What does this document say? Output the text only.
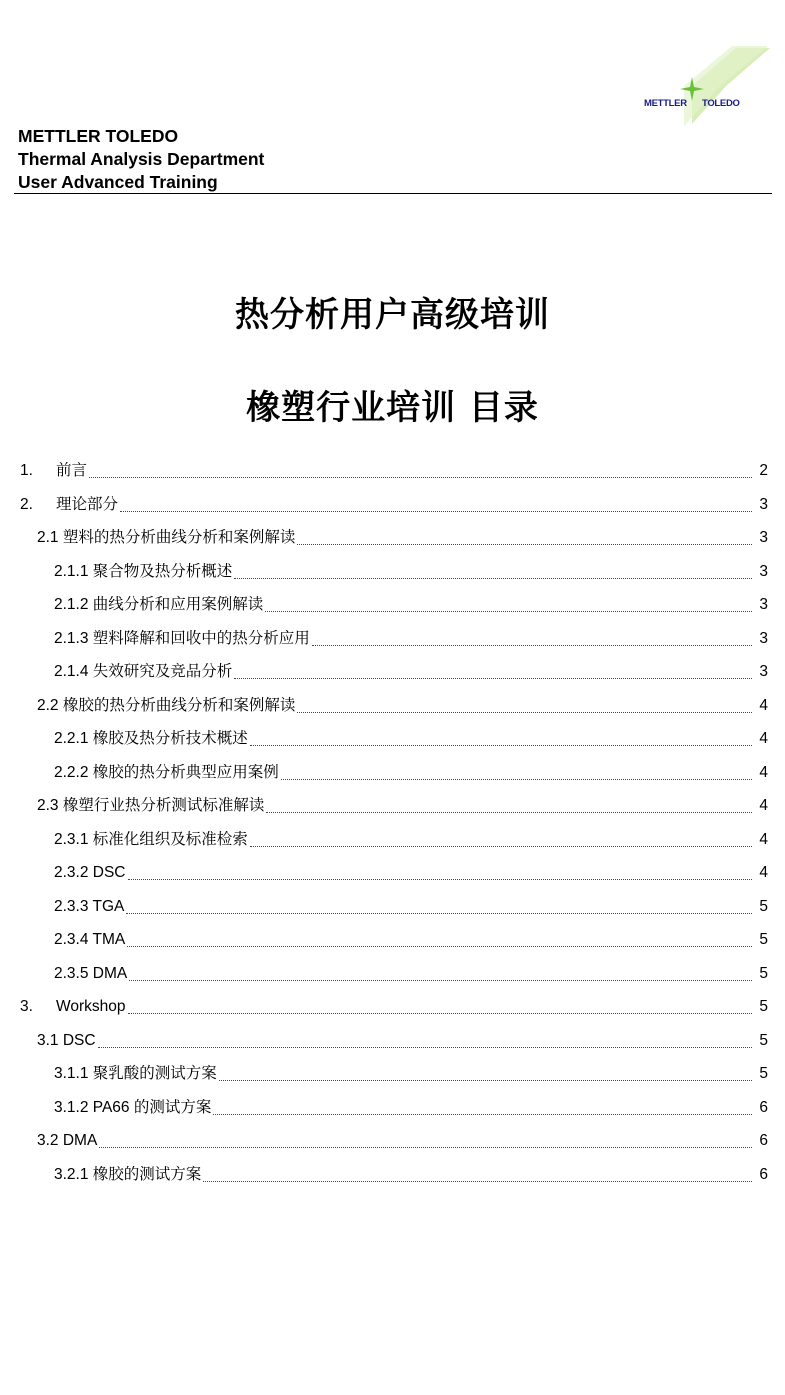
METTLER TOLEDO
METTLER TOLEDO
Thermal Analysis Department
User Advanced Training
热分析用户高级培训
橡塑行业培训 目录
1.	前言	2
2.	理论部分	3
2.1 塑料的热分析曲线分析和案例解读	3
2.1.1 聚合物及热分析概述	3
2.1.2 曲线分析和应用案例解读	3
2.1.3 塑料降解和回收中的热分析应用	3
2.1.4 失效研究及竞品分析	3
2.2 橡胶的热分析曲线分析和案例解读	4
2.2.1 橡胶及热分析技术概述	4
2.2.2 橡胶的热分析典型应用案例	4
2.3 橡塑行业热分析测试标准解读	4
2.3.1 标准化组织及标准检索	4
2.3.2 DSC	4
2.3.3 TGA	5
2.3.4 TMA	5
2.3.5 DMA	5
3.	Workshop	5
3.1 DSC	5
3.1.1 聚乳酸的测试方案	5
3.1.2 PA66 的测试方案	6
3.2 DMA	6
3.2.1 橡胶的测试方案	6
